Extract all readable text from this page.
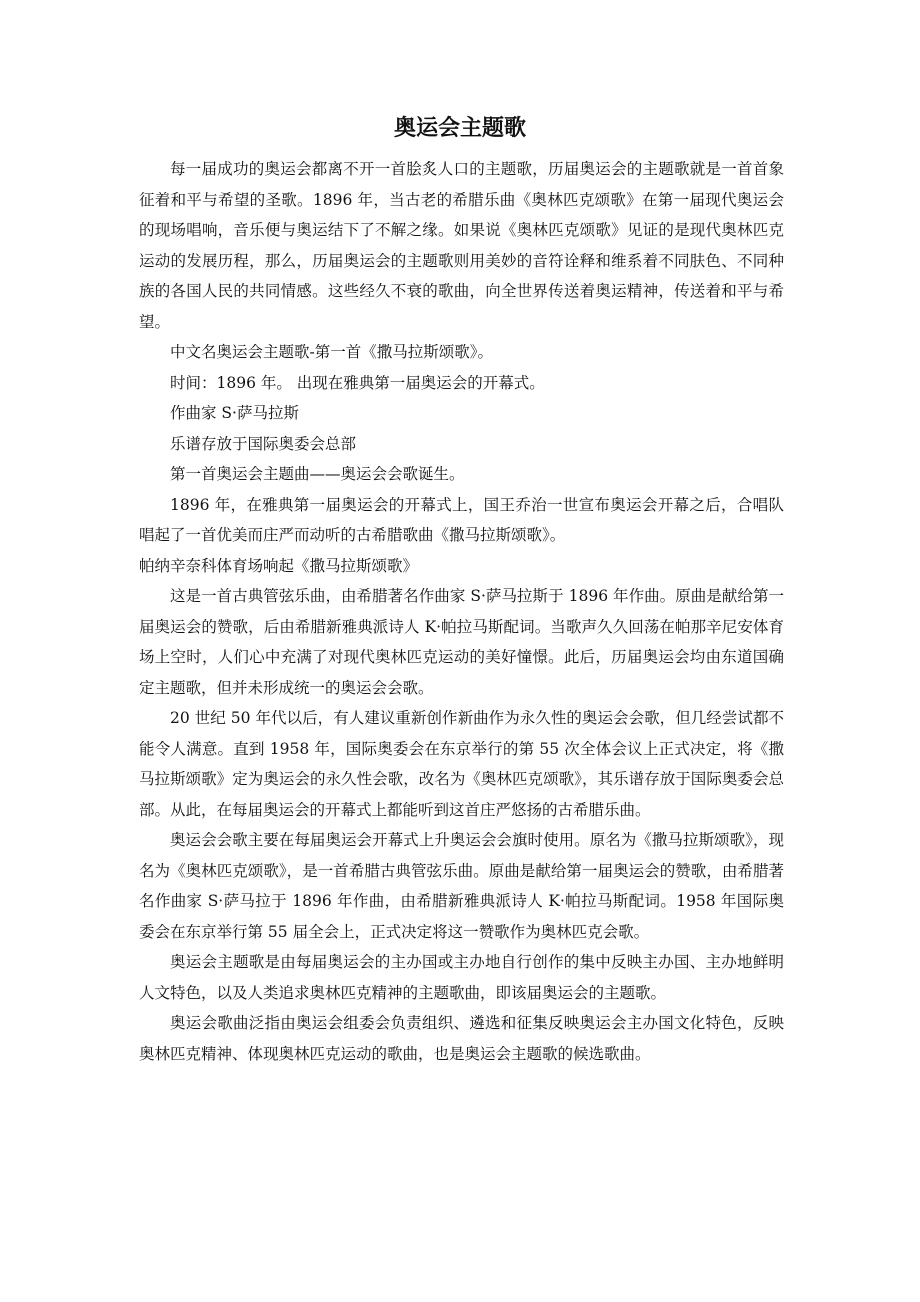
奥运会主题歌

每一届成功的奥运会都离不开一首脍炙人口的主题歌，历届奥运会的主题歌就是一首首象征着和平与希望的圣歌。1896 年，当古老的希腊乐曲《奥林匹克颂歌》在第一届现代奥运会的现场唱响，音乐便与奥运结下了不解之缘。如果说《奥林匹克颂歌》见证的是现代奥林匹克运动的发展历程，那么，历届奥运会的主题歌则用美妙的音符诠释和维系着不同肤色、不同种族的各国人民的共同情感。这些经久不衰的歌曲，向全世界传送着奥运精神，传送着和平与希望。

中文名奥运会主题歌-第一首《撒马拉斯颂歌》。

时间：1896 年。 出现在雅典第一届奥运会的开幕式。

作曲家 S·萨马拉斯

乐谱存放于国际奥委会总部

第一首奥运会主题曲——奥运会会歌诞生。

1896 年，在雅典第一届奥运会的开幕式上，国王乔治一世宣布奥运会开幕之后，合唱队唱起了一首优美而庄严而动听的古希腊歌曲《撒马拉斯颂歌》。

帕纳辛奈科体育场响起《撒马拉斯颂歌》

这是一首古典管弦乐曲，由希腊著名作曲家 S·萨马拉斯于 1896 年作曲。原曲是献给第一届奥运会的赞歌，后由希腊新雅典派诗人 K·帕拉马斯配词。当歌声久久回荡在帕那辛尼安体育场上空时，人们心中充满了对现代奥林匹克运动的美好憧憬。此后，历届奥运会均由东道国确定主题歌，但并未形成统一的奥运会会歌。

20 世纪 50 年代以后，有人建议重新创作新曲作为永久性的奥运会会歌，但几经尝试都不能令人满意。直到 1958 年，国际奥委会在东京举行的第 55 次全体会议上正式决定，将《撒马拉斯颂歌》定为奥运会的永久性会歌，改名为《奥林匹克颂歌》，其乐谱存放于国际奥委会总部。从此，在每届奥运会的开幕式上都能听到这首庄严悠扬的古希腊乐曲。

奥运会会歌主要在每届奥运会开幕式上升奥运会会旗时使用。原名为《撒马拉斯颂歌》，现名为《奥林匹克颂歌》，是一首希腊古典管弦乐曲。原曲是献给第一届奥运会的赞歌，由希腊著名作曲家 S·萨马拉于 1896 年作曲，由希腊新雅典派诗人 K·帕拉马斯配词。1958 年国际奥委会在东京举行第 55 届全会上，正式决定将这一赞歌作为奥林匹克会歌。

奥运会主题歌是由每届奥运会的主办国或主办地自行创作的集中反映主办国、主办地鲜明人文特色，以及人类追求奥林匹克精神的主题歌曲，即该届奥运会的主题歌。

奥运会歌曲泛指由奥运会组委会负责组织、遴选和征集反映奥运会主办国文化特色，反映奥林匹克精神、体现奥林匹克运动的歌曲，也是奥运会主题歌的候选歌曲。
